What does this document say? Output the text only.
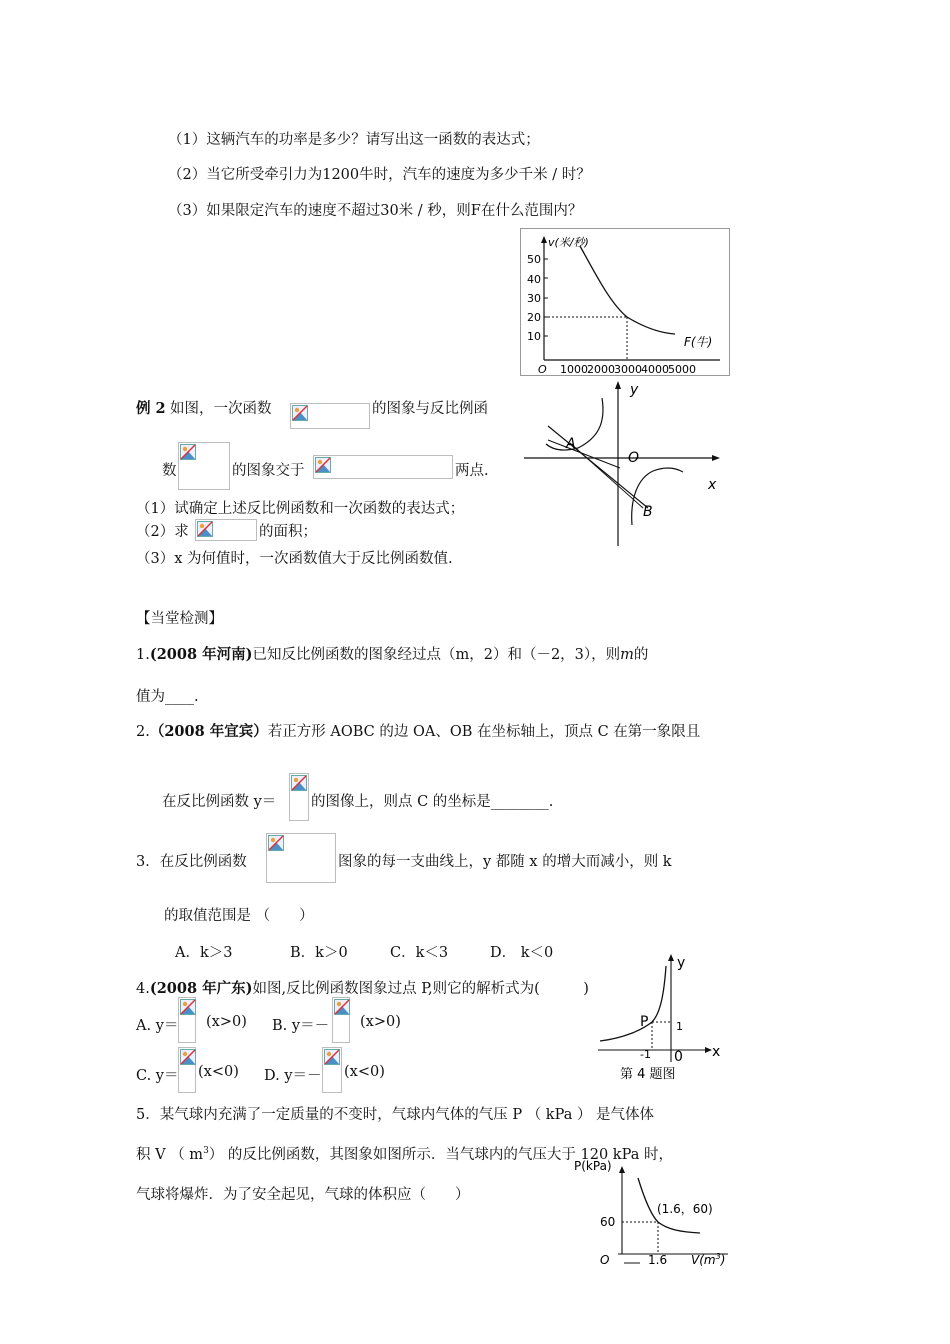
（1）这辆汽车的功率是多少？请写出这一函数的表达式；
（2）当它所受牵引力为1200牛时，汽车的速度为多少千米 / 时？
（3）如果限定汽车的速度不超过30米 / 秒，则F在什么范围内？
v(米/秒)
50
40
30
20
10	F(牛)
O 1000 2000 3000 4000 5000
例 2 如图，一次函数	的图象与反比例函
数	的图象交于	两点.
（1）试确定上述反比例函数和一次函数的表达式；
（2）求	的面积；
（3）x 为何值时，一次函数值大于反比例函数值.
y
x
O
A
B
【当堂检测】
1.(2008 年河南)已知反比例函数的图象经过点（m，2）和（－2，3），则m的
值为____.
2.（2008 年宜宾）若正方形 AOBC 的边 OA、OB 在坐标轴上，顶点 C 在第一象限且
在反比例函数 y＝ 的图像上，则点 C 的坐标是________.
3．在反比例函数	图象的每一支曲线上，y 都随 x 的增大而减小，则 k
的取值范围是 （　　）
A．k＞3	B．k＞0	C．k＜3	D． k＜0
4.(2008 年广东)如图,反比例函数图象过点 P,则它的解析式为(　　　)
A. y＝ (x>0) B. y＝－ (x>0)
C. y＝ (x<0) D. y＝－ (x<0)
y
x
P	1
-1 0
第 4 题图
5．某气球内充满了一定质量的不变时，气球内气体的气压 P （ kPa ） 是气体体
积 V （ $m^3$） 的反比例函数，其图象如图所示．当气球内的气压大于 120 kPa 时，
气球将爆炸．为了安全起见，气球的体积应（　　）
P(kPa)
60
(1.6，60)
O	1.6 $V(m^3)$
